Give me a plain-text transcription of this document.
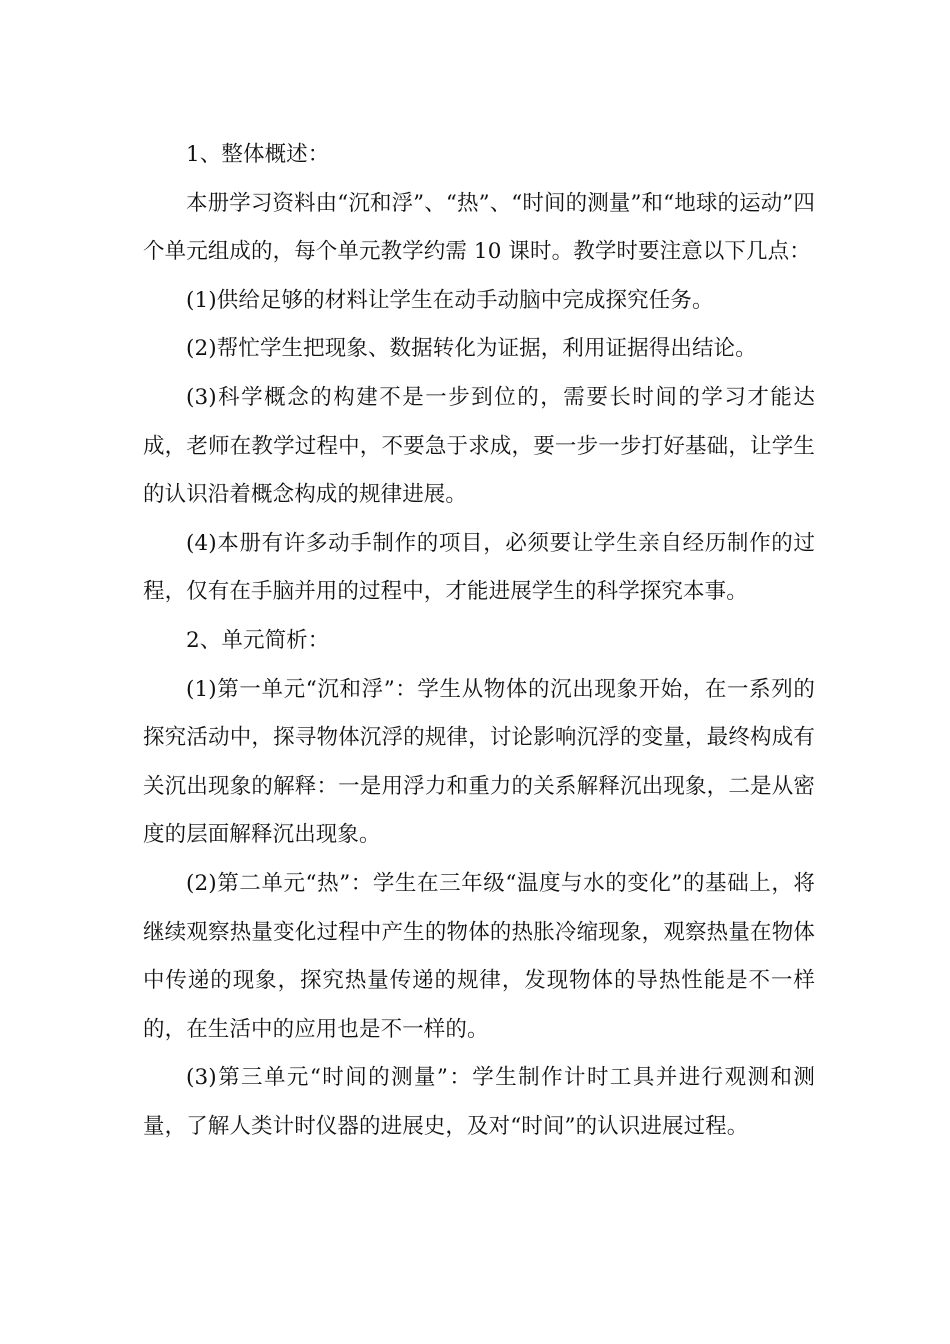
1、整体概述：

本册学习资料由“沉和浮”、“热”、“时间的测量”和“地球的运动”四个单元组成的，每个单元教学约需 10 课时。教学时要注意以下几点：

(1)供给足够的材料让学生在动手动脑中完成探究任务。

(2)帮忙学生把现象、数据转化为证据，利用证据得出结论。

(3)科学概念的构建不是一步到位的，需要长时间的学习才能达成，老师在教学过程中，不要急于求成，要一步一步打好基础，让学生的认识沿着概念构成的规律进展。

(4)本册有许多动手制作的项目，必须要让学生亲自经历制作的过程，仅有在手脑并用的过程中，才能进展学生的科学探究本事。

2、单元简析：

(1)第一单元“沉和浮”：学生从物体的沉出现象开始，在一系列的探究活动中，探寻物体沉浮的规律，讨论影响沉浮的变量，最终构成有关沉出现象的解释：一是用浮力和重力的关系解释沉出现象，二是从密度的层面解释沉出现象。

(2)第二单元“热”：学生在三年级“温度与水的变化”的基础上，将继续观察热量变化过程中产生的物体的热胀冷缩现象，观察热量在物体中传递的现象，探究热量传递的规律，发现物体的导热性能是不一样的，在生活中的应用也是不一样的。

(3)第三单元“时间的测量”：学生制作计时工具并进行观测和测量，了解人类计时仪器的进展史，及对“时间”的认识进展过程。
